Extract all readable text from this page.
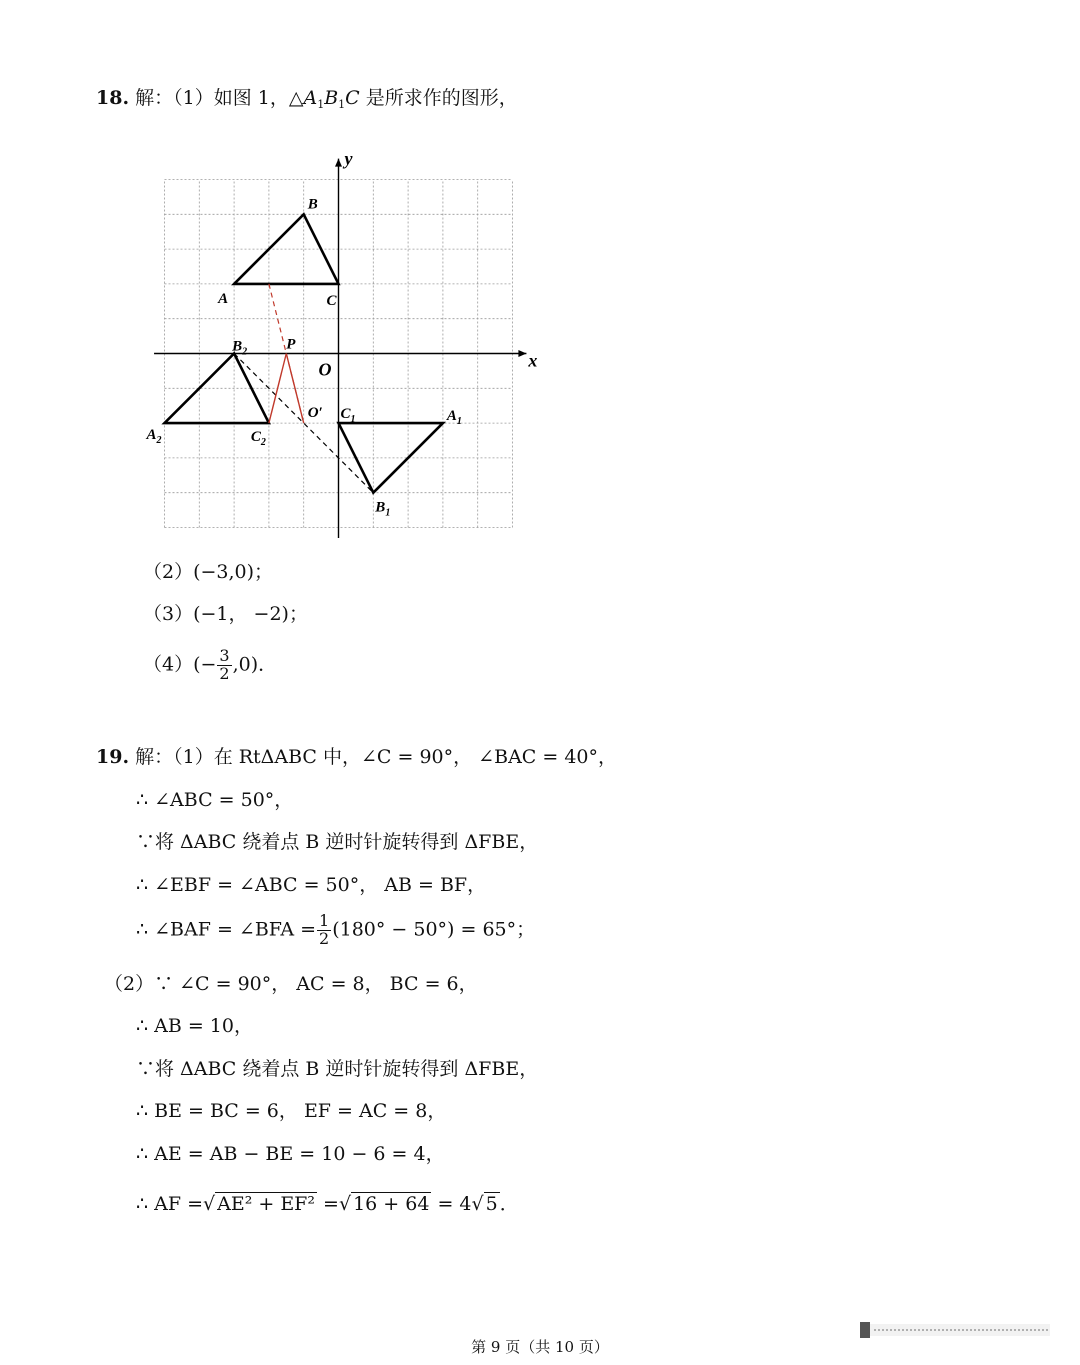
18. 解：（1）如图 1，$\triangle A_1B_1C$ 是所求作的图形，
A
B
C
$A_1$
$B_1$
$C_1$
$A_2$
$B_2$
$C_2$
P
O′
O	x
y
（2）(−3,0)；
（3）(−1， −2)；
$(4)(- \frac{3}{2} ,0)$．
19. 解：（1）在 RtΔABC 中，∠C = 90°， ∠BAC = 40°，
∴ ∠ABC = 50°，
∵将 ΔABC 绕着点 B 逆时针旋转得到 ΔFBE，
∴ ∠EBF = ∠ABC = 50°， AB = BF，
∴ ∠BAF = ∠BFA = $\frac{1}{2} (180^\circ - 50^\circ) = 65^\circ$；
（2）∵ ∠C = 90°， AC = 8， BC = 6，
∴ AB = 10，
∵将 ΔABC 绕着点 B 逆时针旋转得到 ΔFBE，
∴ BE = BC = 6， EF = AC = 8，
∴ AE = AB − BE = 10 − 6 = 4，
∴ AF =√ AE² + EF² =√ 16 + 64 = 4√ 5 ．
第 9 页（共 10 页）
